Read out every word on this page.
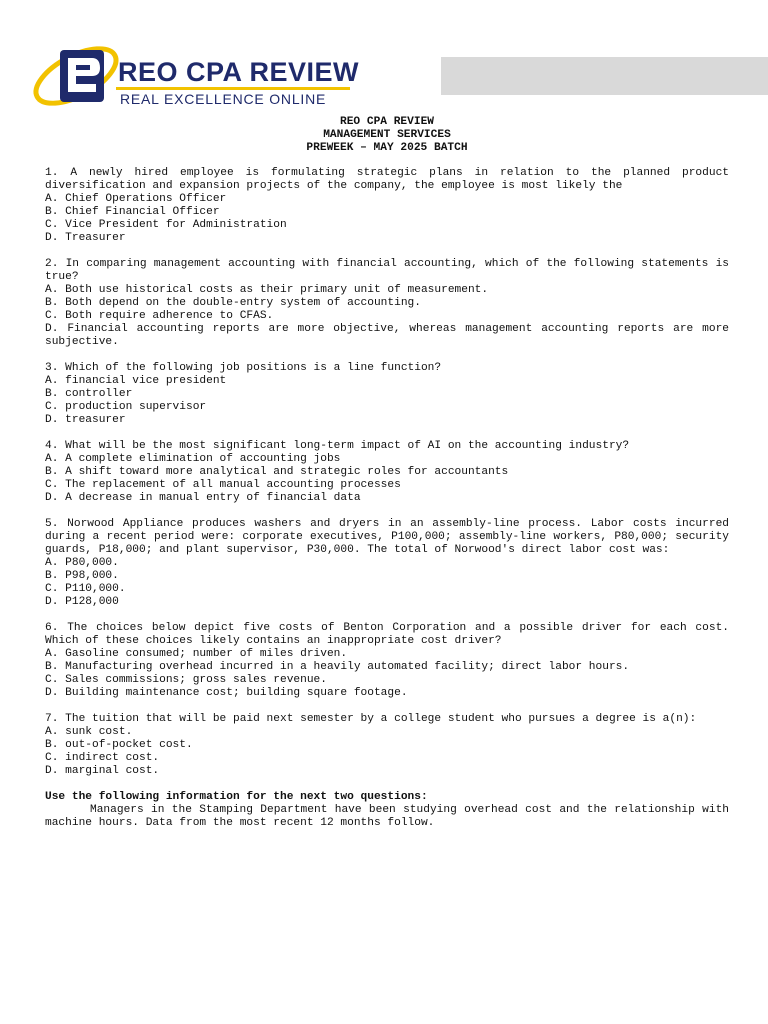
REO CPA REVIEW
REAL EXCELLENCE ONLINE

REO CPA REVIEW

MANAGEMENT SERVICES

PREWEEK – MAY 2025 BATCH

1. A newly hired employee is formulating strategic plans in relation to the planned product diversification and expansion projects of the company, the employee is most likely the

A. Chief Operations Officer

B. Chief Financial Officer

C. Vice President for Administration

D. Treasurer

2. In comparing management accounting with financial accounting, which of the following statements is true?

A. Both use historical costs as their primary unit of measurement.

B. Both depend on the double-entry system of accounting.

C. Both require adherence to CFAS.

D. Financial accounting reports are more objective, whereas management accounting reports are more subjective.

3. Which of the following job positions is a line function?

A. financial vice president

B. controller

C. production supervisor

D. treasurer

4. What will be the most significant long-term impact of AI on the accounting industry?

A. A complete elimination of accounting jobs

B. A shift toward more analytical and strategic roles for accountants

C. The replacement of all manual accounting processes

D. A decrease in manual entry of financial data

5. Norwood Appliance produces washers and dryers in an assembly-line process. Labor costs incurred during a recent period were: corporate executives, P100,000; assembly-line workers, P80,000; security guards, P18,000; and plant supervisor, P30,000. The total of Norwood's direct labor cost was:

A. P80,000.

B. P98,000.

C. P110,000.

D. P128,000

6. The choices below depict five costs of Benton Corporation and a possible driver for each cost. Which of these choices likely contains an inappropriate cost driver?

A. Gasoline consumed; number of miles driven.

B. Manufacturing overhead incurred in a heavily automated facility; direct labor hours.

C. Sales commissions; gross sales revenue.

D. Building maintenance cost; building square footage.

7. The tuition that will be paid next semester by a college student who pursues a degree is a(n):

A. sunk cost.

B. out-of-pocket cost.

C. indirect cost.

D. marginal cost.

Use the following information for the next two questions:

Managers in the Stamping Department have been studying overhead cost and the relationship with machine hours. Data from the most recent 12 months follow.
